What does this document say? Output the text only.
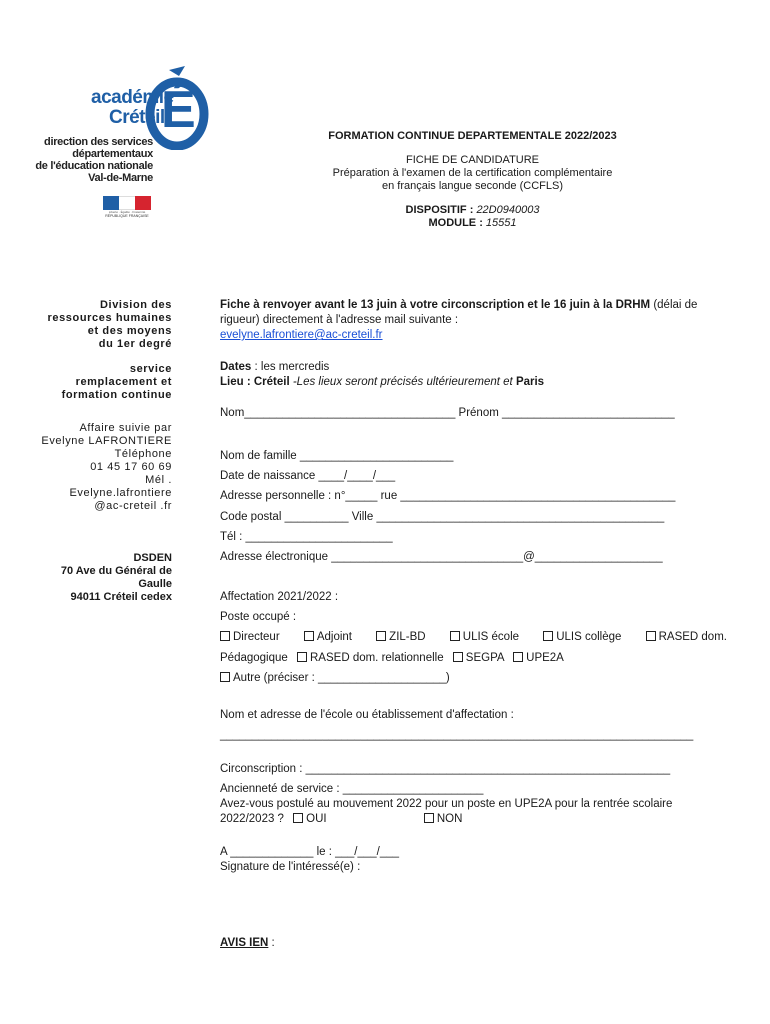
É
académie
Créteil
direction des services
départementaux
de l'éducation nationale
Val-de-Marne
Liberté · Égalité · Fraternité
RÉPUBLIQUE FRANÇAISE
FORMATION CONTINUE DEPARTEMENTALE 2022/2023
FICHE DE CANDIDATURE
Préparation à l'examen de la certification complémentaire
en français langue seconde (CCFLS)
DISPOSITIF : 22D0940003
MODULE : 15551
Division des
ressources humaines
et des moyens
du 1er degré
service
remplacement et
formation continue
Affaire suivie par
Evelyne LAFRONTIERE
Téléphone
01 45 17 60 69
Mél .
Evelyne.lafrontiere
@ac-creteil .fr
DSDEN
70 Ave du Général de
Gaulle
94011 Créteil cedex
Fiche à renvoyer avant le 13 juin à votre circonscription et le 16 juin à la DRHM (délai de
rigueur) directement à l'adresse mail suivante :
evelyne.lafrontiere@ac-creteil.fr
Dates : les mercredis
Lieu : Créteil -Les lieux seront précisés ultérieurement et Paris
Nom_________________________________ Prénom ___________________________
Nom de famille ________________________
Date de naissance ____/____/___
Adresse personnelle : n°_____ rue ___________________________________________
Code postal __________ Ville _____________________________________________
Tél : _______________________
Adresse électronique ______________________________@____________________
Affectation 2021/2022 :
Poste occupé :
Directeur	Adjoint	ZIL-BD	ULIS école	ULIS collège	RASED dom.
Pédagogique RASED dom. relationnelle SEGPA UPE2A
Autre (préciser : ____________________)
Nom et adresse de l'école ou établissement d'affectation :
__________________________________________________________________________
Circonscription : _________________________________________________________
Ancienneté de service : ______________________
Avez-vous postulé au mouvement 2022 pour un poste en UPE2A pour la rentrée scolaire
2022/2023 ? OUI	NON
A _____________ le : ___/___/___
Signature de l'intéressé(e) :
AVIS IEN :
